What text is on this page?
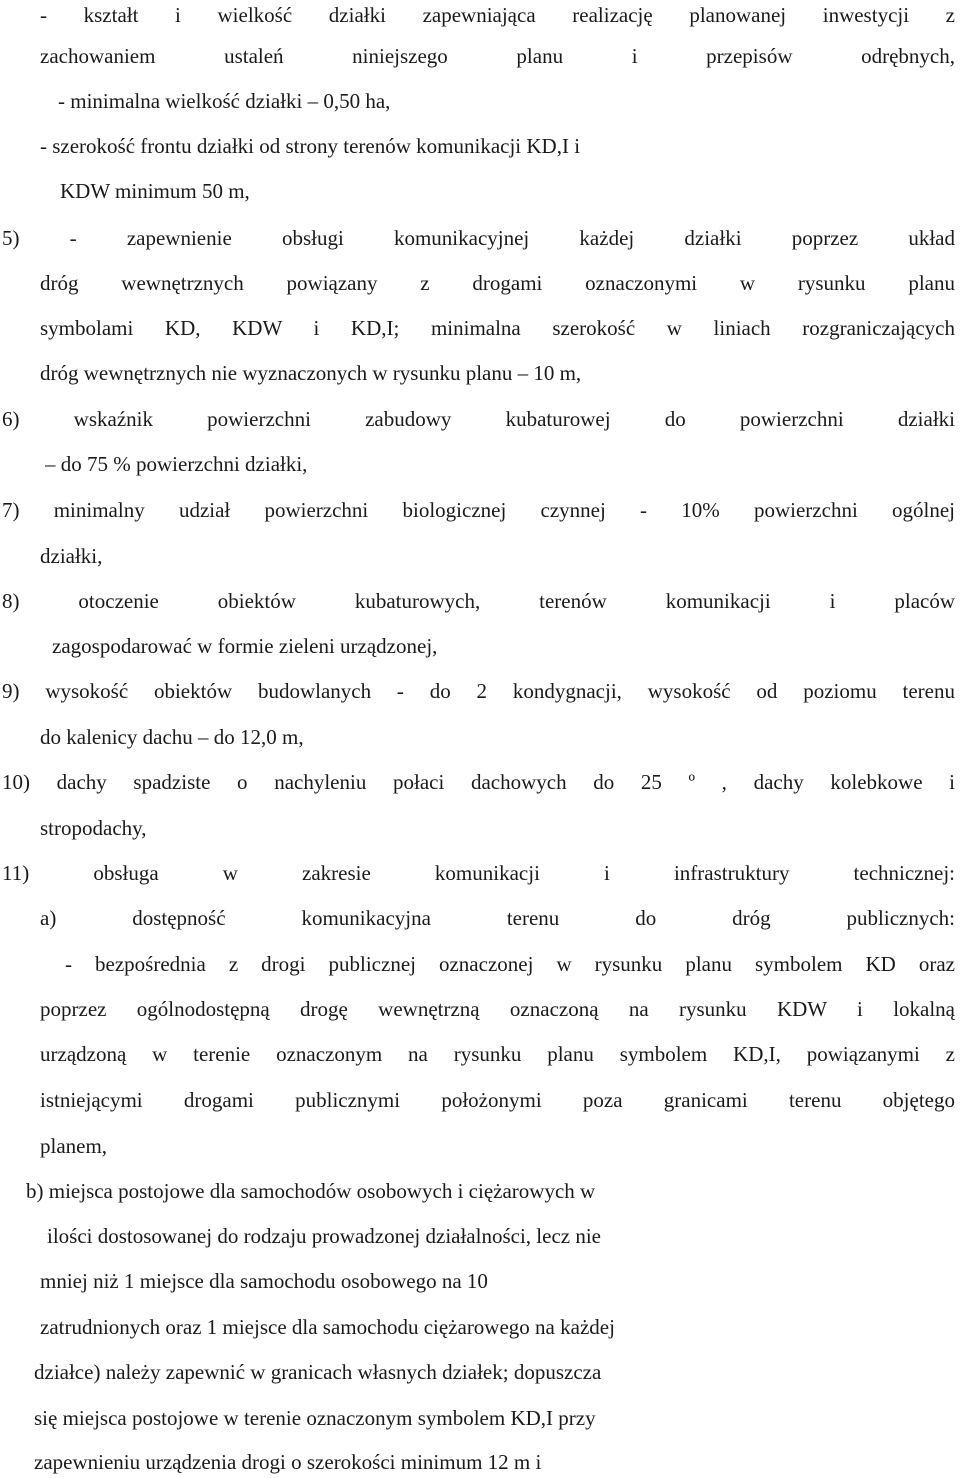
- kształt i wielkość działki zapewniająca realizację planowanej inwestycji z
zachowaniem ustaleń niniejszego planu i przepisów odrębnych,
- minimalna wielkość działki – 0,50 ha,
- szerokość frontu działki od strony terenów komunikacji KD,I i
KDW minimum 50 m,
5) - zapewnienie obsługi komunikacyjnej każdej działki poprzez układ
dróg wewnętrznych powiązany z drogami oznaczonymi w rysunku planu
symbolami KD, KDW i KD,I; minimalna szerokość w liniach rozgraniczających
dróg wewnętrznych nie wyznaczonych w rysunku planu – 10 m,
6) wskaźnik powierzchni zabudowy kubaturowej do powierzchni działki
– do 75 % powierzchni działki,
7) minimalny udział powierzchni biologicznej czynnej - 10% powierzchni ogólnej
działki,
8) otoczenie obiektów kubaturowych, terenów komunikacji i placów
zagospodarować w formie zieleni urządzonej,
9) wysokość obiektów budowlanych - do 2 kondygnacji, wysokość od poziomu terenu
do kalenicy dachu – do 12,0 m,
10) dachy spadziste o nachyleniu połaci dachowych do 25 º , dachy kolebkowe i
stropodachy,
11) obsługa w zakresie komunikacji i infrastruktury technicznej:
a) dostępność komunikacyjna terenu do dróg publicznych:
- bezpośrednia z drogi publicznej oznaczonej w rysunku planu symbolem KD oraz
poprzez ogólnodostępną drogę wewnętrzną oznaczoną na rysunku KDW i lokalną
urządzoną w terenie oznaczonym na rysunku planu symbolem KD,I, powiązanymi z
istniejącymi drogami publicznymi położonymi poza granicami terenu objętego
planem,
b) miejsca postojowe dla samochodów osobowych i ciężarowych w
ilości dostosowanej do rodzaju prowadzonej działalności, lecz nie
mniej niż 1 miejsce dla samochodu osobowego na 10
zatrudnionych oraz 1 miejsce dla samochodu ciężarowego na każdej
działce) należy zapewnić w granicach własnych działek; dopuszcza
się miejsca postojowe w terenie oznaczonym symbolem KD,I przy
zapewnieniu urządzenia drogi o szerokości minimum 12 m i
